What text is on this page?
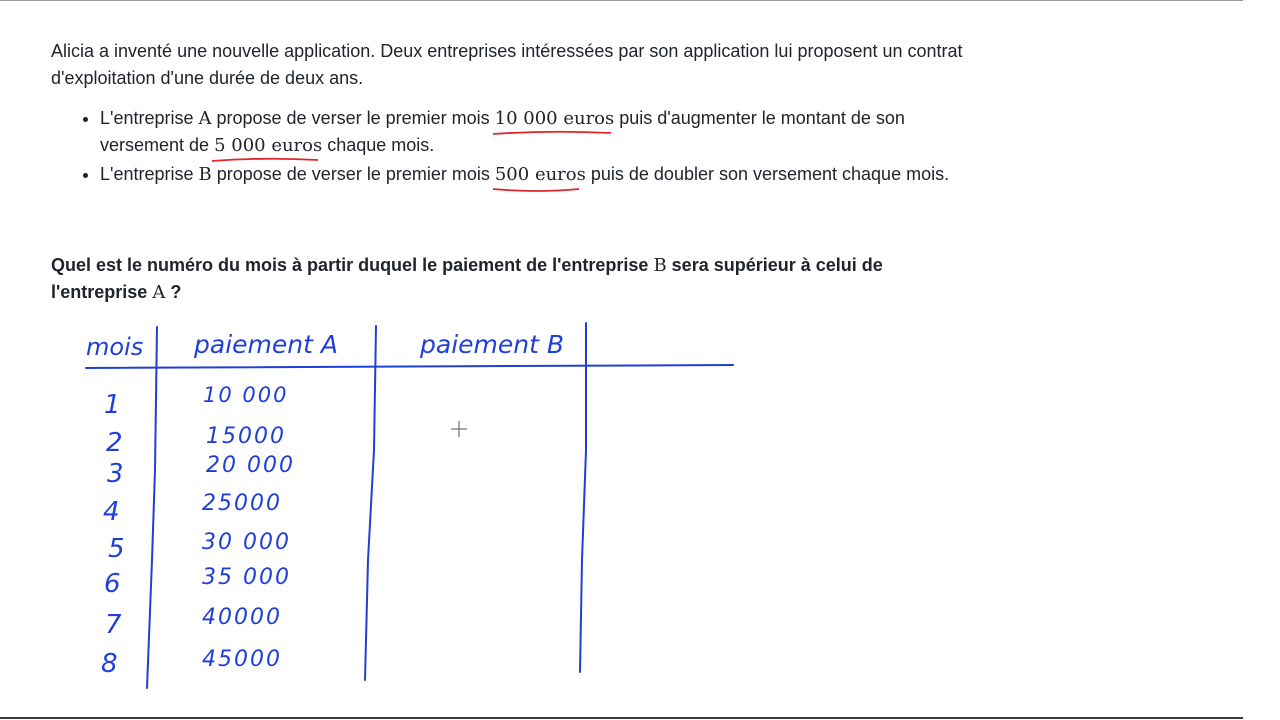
Alicia a inventé une nouvelle application. Deux entreprises intéressées par son application lui proposent un contrat d'exploitation d'une durée de deux ans.

• L'entreprise A propose de verser le premier mois 10 000 euros
puis d'augmenter le montant de son versement de 5 000 euros
chaque mois.
• L'entreprise B propose de verser le premier mois 500 euros
puis de doubler son versement chaque mois.
Quel est le numéro du mois à partir duquel le paiement de l'entreprise B sera supérieur à celui de l'entreprise A ?
mois paiement A	paiement B
1
2
3
4
5
6
7
8
10 000
15000
20 000
25000
30 000
35 000
40000
45000
